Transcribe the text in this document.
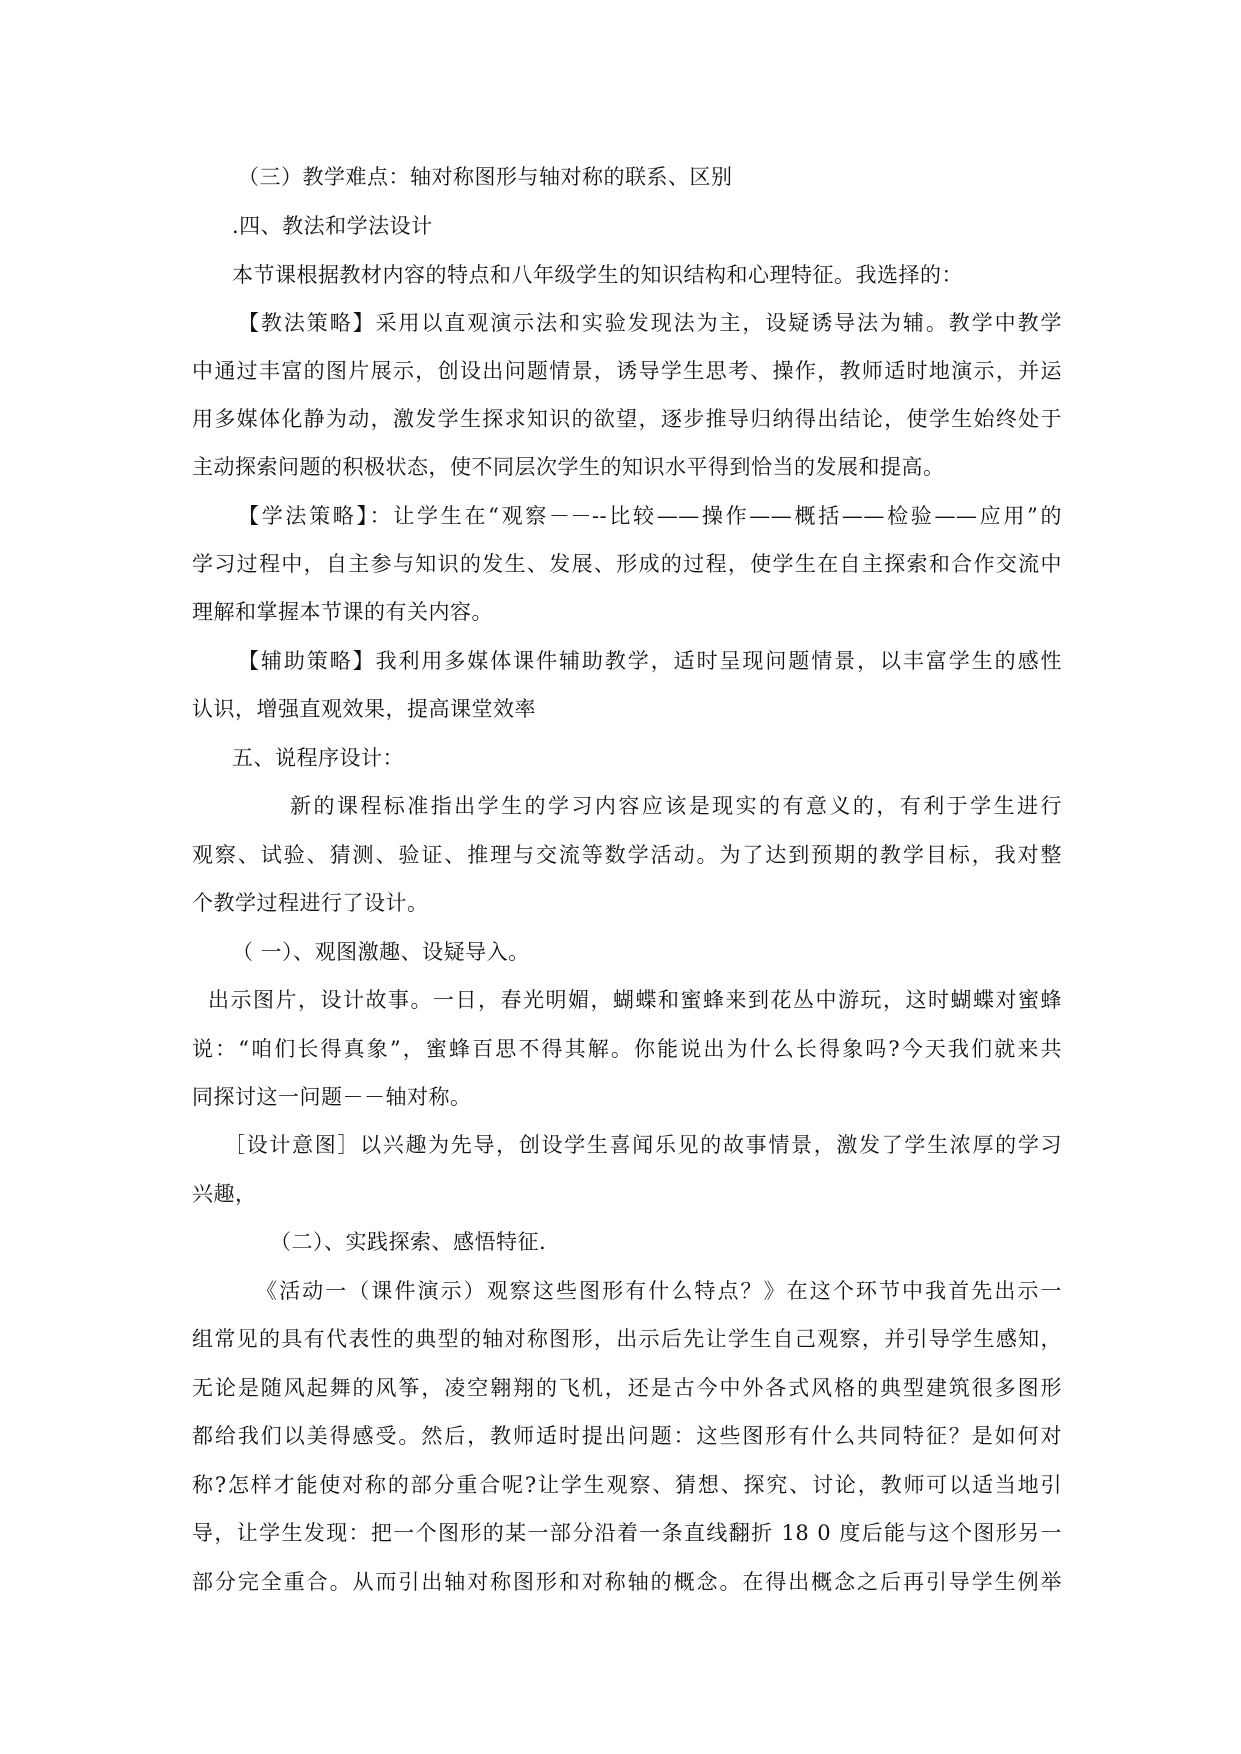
（三）教学难点：轴对称图形与轴对称的联系、区别
.四、教法和学法设计
本节课根据教材内容的特点和八年级学生的知识结构和心理特征。我选择的：
【教法策略】采用以直观演示法和实验发现法为主，设疑诱导法为辅。教学中教学
中通过丰富的图片展示，创设出问题情景，诱导学生思考、操作，教师适时地演示，并运
用多媒体化静为动，激发学生探求知识的欲望，逐步推导归纳得出结论，使学生始终处于
主动探索问题的积极状态，使不同层次学生的知识水平得到恰当的发展和提高。
【学法策略】：让学生在“观察－－--比较——操作——概括——检验——应用”的
学习过程中，自主参与知识的发生、发展、形成的过程，使学生在自主探索和合作交流中
理解和掌握本节课的有关内容。
【辅助策略】我利用多媒体课件辅助教学，适时呈现问题情景，以丰富学生的感性
认识，增强直观效果，提高课堂效率
五、说程序设计：
新的课程标准指出学生的学习内容应该是现实的有意义的，有利于学生进行
观察、试验、猜测、验证、推理与交流等数学活动。为了达到预期的教学目标，我对整
个教学过程进行了设计。
（ 一）、观图激趣、设疑导入。
出示图片，设计故事。一日，春光明媚，蝴蝶和蜜蜂来到花丛中游玩，这时蝴蝶对蜜蜂
说：“咱们长得真象”，蜜蜂百思不得其解。你能说出为什么长得象吗?今天我们就来共
同探讨这一问题－－轴对称。
［设计意图］以兴趣为先导，创设学生喜闻乐见的故事情景，激发了学生浓厚的学习
兴趣，
（二）、实践探索、感悟特征.
《活动一（课件演示）观察这些图形有什么特点？》在这个环节中我首先出示一
组常见的具有代表性的典型的轴对称图形，出示后先让学生自己观察，并引导学生感知，
无论是随风起舞的风筝，凌空翱翔的飞机，还是古今中外各式风格的典型建筑很多图形
都给我们以美得感受。然后，教师适时提出问题：这些图形有什么共同特征？是如何对
称?怎样才能使对称的部分重合呢?让学生观察、猜想、探究、讨论，教师可以适当地引
导，让学生发现：把一个图形的某一部分沿着一条直线翻折 18 0 度后能与这个图形另一
部分完全重合。从而引出轴对称图形和对称轴的概念。在得出概念之后再引导学生例举
